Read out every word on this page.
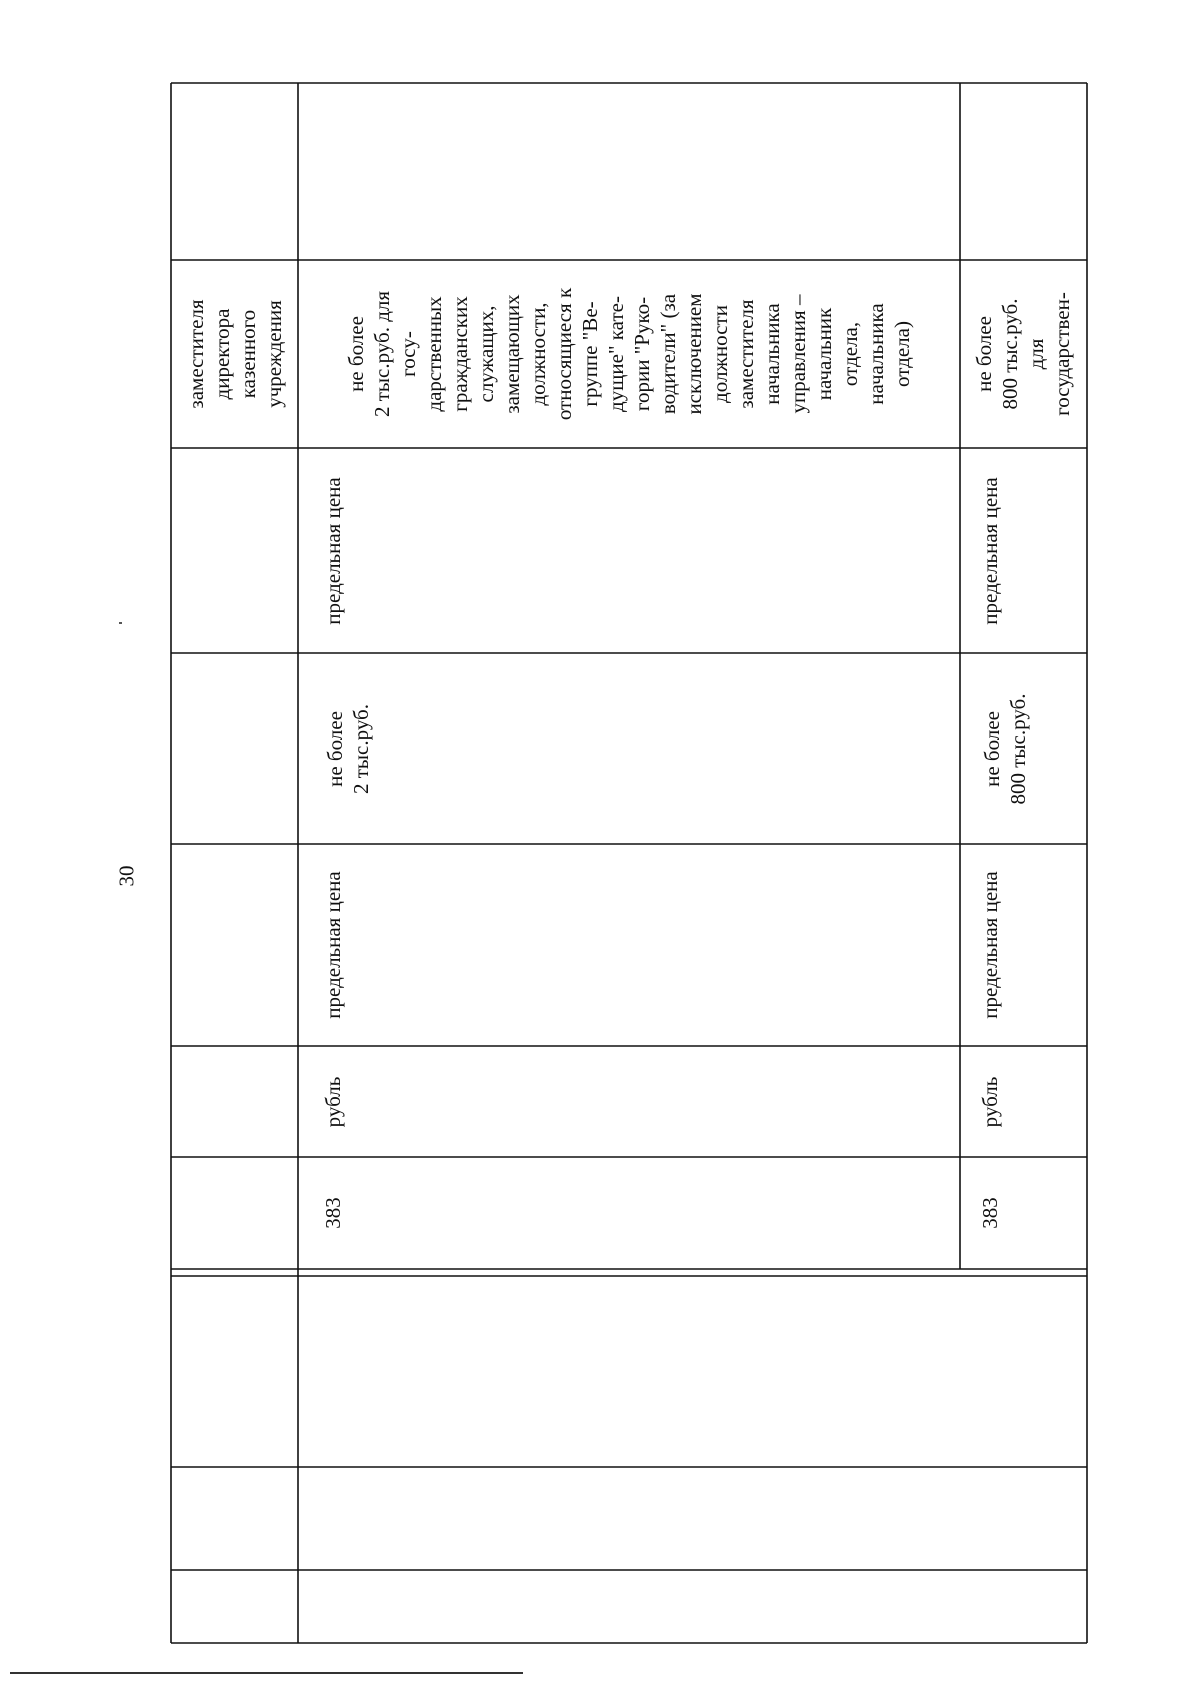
30
заместителя директора казенного учреждения
383
рубль
предельная цена
не более 2 тыс.руб.
предельная цена
не более 2 тыс.руб. для госу- дарственных гражданских служащих, замещающих должности, относящиеся к группе "Ве- дущие" кате- гории "Руко- водители" (за исключением должности заместителя начальника управления – начальник отдела, начальника отдела)
383
рубль
предельная цена
не более 800 тыс.руб.
предельная цена
не более 800 тыс.руб. для государствен-
